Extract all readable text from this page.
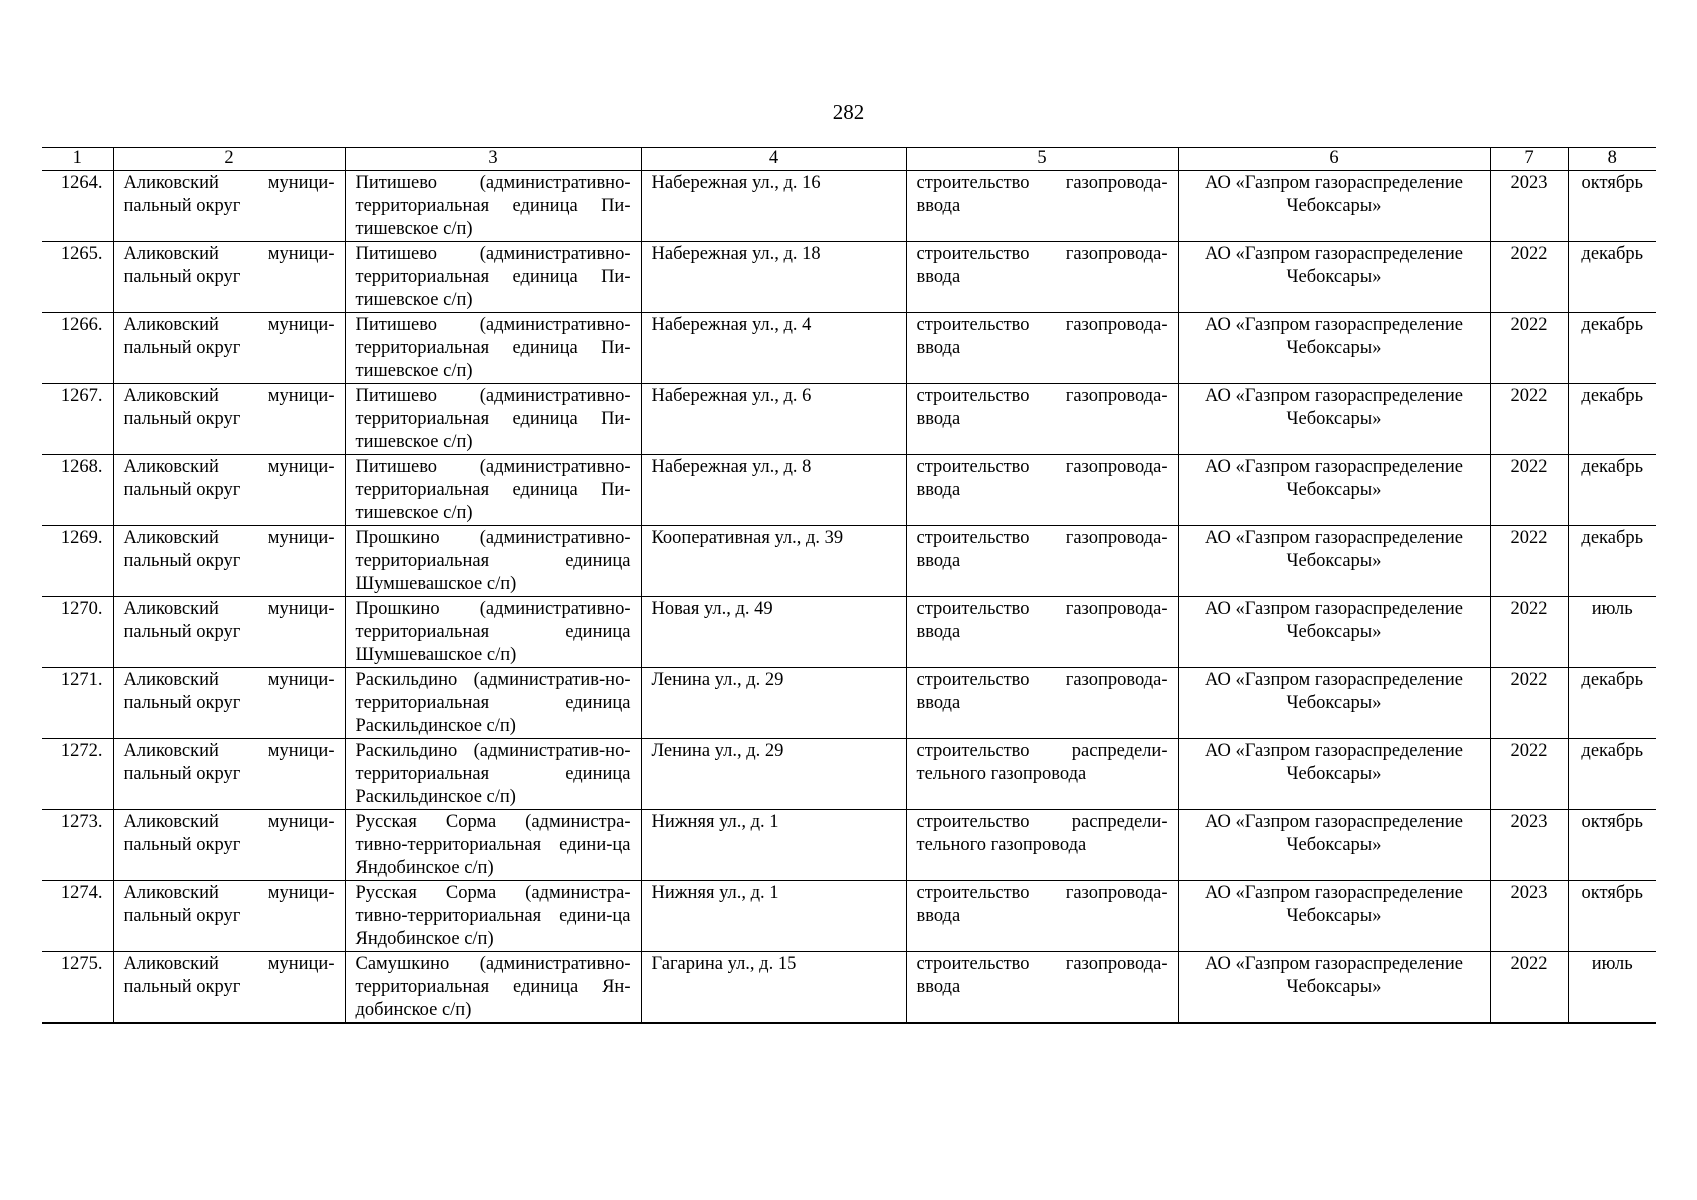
282
1	2	3	4	5	6	7	8
1264.	Аликовский муници-пальный округ	Питишево (административно-территориальная единица Пи-тишевское с/п)	Набережная ул., д. 16	строительство газопровода-ввода	АО «Газпром газораспределение Чебоксары»	2023	октябрь
1265.	Аликовский муници-пальный округ	Питишево (административно-территориальная единица Пи-тишевское с/п)	Набережная ул., д. 18	строительство газопровода-ввода	АО «Газпром газораспределение Чебоксары»	2022	декабрь
1266.	Аликовский муници-пальный округ	Питишево (административно-территориальная единица Пи-тишевское с/п)	Набережная ул., д. 4	строительство газопровода-ввода	АО «Газпром газораспределение Чебоксары»	2022	декабрь
1267.	Аликовский муници-пальный округ	Питишево (административно-территориальная единица Пи-тишевское с/п)	Набережная ул., д. 6	строительство газопровода-ввода	АО «Газпром газораспределение Чебоксары»	2022	декабрь
1268.	Аликовский муници-пальный округ	Питишево (административно-территориальная единица Пи-тишевское с/п)	Набережная ул., д. 8	строительство газопровода-ввода	АО «Газпром газораспределение Чебоксары»	2022	декабрь
1269.	Аликовский муници-пальный округ	Прошкино (административно-территориальная единица Шумшевашское с/п)	Кооперативная ул., д. 39	строительство газопровода-ввода	АО «Газпром газораспределение Чебоксары»	2022	декабрь
1270.	Аликовский муници-пальный округ	Прошкино (административно-территориальная единица Шумшевашское с/п)	Новая ул., д. 49	строительство газопровода-ввода	АО «Газпром газораспределение Чебоксары»	2022	июль
1271.	Аликовский муници-пальный округ	Раскильдино (административ-но-территориальная единица Раскильдинское с/п)	Ленина ул., д. 29	строительство газопровода-ввода	АО «Газпром газораспределение Чебоксары»	2022	декабрь
1272.	Аликовский муници-пальный округ	Раскильдино (административ-но-территориальная единица Раскильдинское с/п)	Ленина ул., д. 29	строительство распредели-тельного газопровода	АО «Газпром газораспределение Чебоксары»	2022	декабрь
1273.	Аликовский муници-пальный округ	Русская Сорма (администра-тивно-территориальная едини-ца Яндобинское с/п)	Нижняя ул., д. 1	строительство распредели-тельного газопровода	АО «Газпром газораспределение Чебоксары»	2023	октябрь
1274.	Аликовский муници-пальный округ	Русская Сорма (администра-тивно-территориальная едини-ца Яндобинское с/п)	Нижняя ул., д. 1	строительство газопровода-ввода	АО «Газпром газораспределение Чебоксары»	2023	октябрь
1275.	Аликовский муници-пальный округ	Самушкино (административно-территориальная единица Ян-добинское с/п)	Гагарина ул., д. 15	строительство газопровода-ввода	АО «Газпром газораспределение Чебоксары»	2022	июль
